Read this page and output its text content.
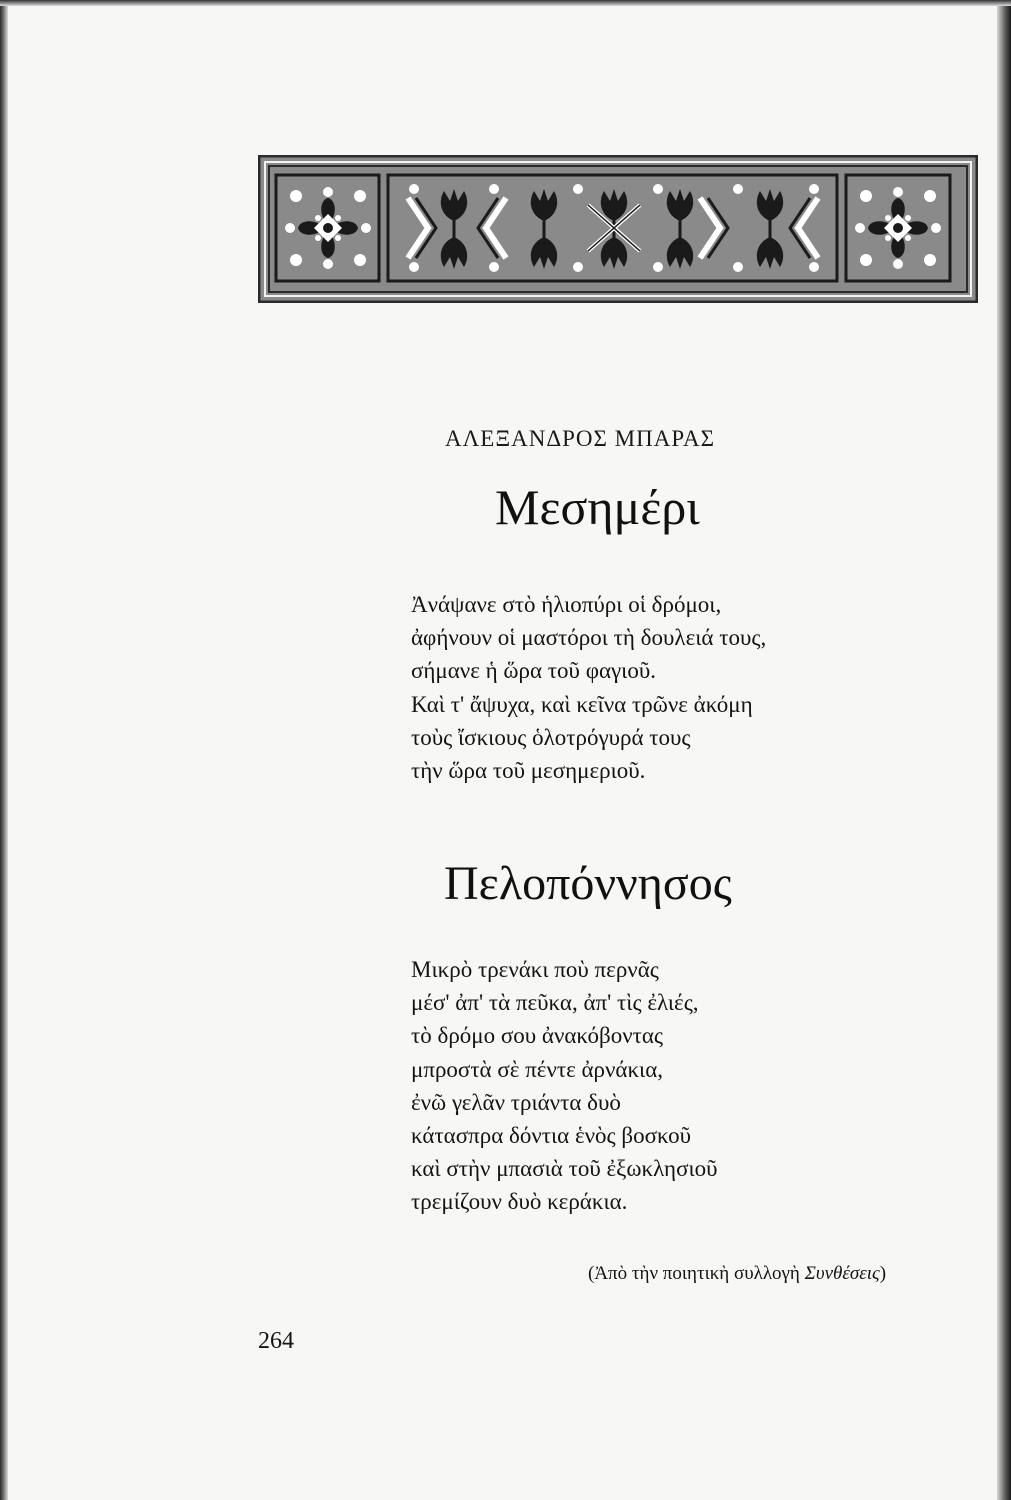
ΑΛΕΞΑΝΔΡΟΣ ΜΠΑΡΑΣ
Μεσημέρι
Ἀνάψανε στὸ ἡλιοπύρι οἱ δρόμοι,
ἀφήνουν οἱ μαστόροι τὴ δουλειά τους,
σήμανε ἡ ὥρα τοῦ φαγιοῦ.
Καὶ τ' ἄψυχα, καὶ κεῖνα τρῶνε ἀκόμη
τοὺς ἴσκιους ὁλοτρόγυρά τους
τὴν ὥρα τοῦ μεσημεριοῦ.
Πελοπόννησος
Μικρὸ τρενάκι ποὺ περνᾶς
μέσ' ἀπ' τὰ πεῦκα, ἀπ' τὶς ἐλιές,
τὸ δρόμο σου ἀνακόβοντας
μπροστὰ σὲ πέντε ἀρνάκια,
ἐνῶ γελᾶν τριάντα δυὸ
κάτασπρα δόντια ἑνὸς βοσκοῦ
καὶ στὴν μπασιὰ τοῦ ἐξωκλησιοῦ
τρεμίζουν δυὸ κεράκια.
(Ἀπὸ τὴν ποιητικὴ συλλογὴ Συνθέσεις)
264
